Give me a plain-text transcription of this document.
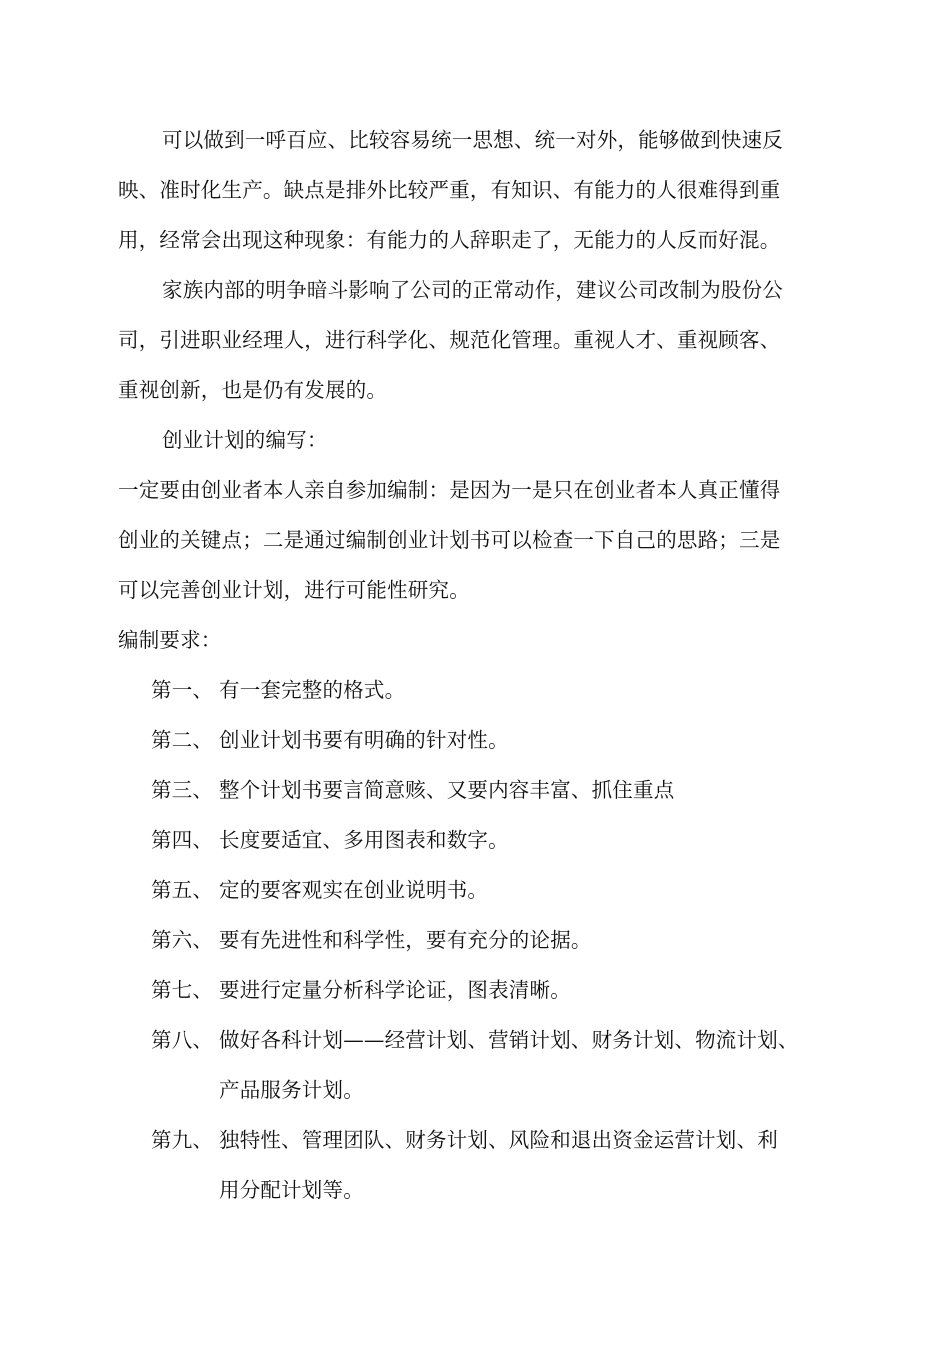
可以做到一呼百应、比较容易统一思想、统一对外，能够做到快速反
映、准时化生产。缺点是排外比较严重，有知识、有能力的人很难得到重
用，经常会出现这种现象：有能力的人辞职走了，无能力的人反而好混。
家族内部的明争暗斗影响了公司的正常动作，建议公司改制为股份公
司，引进职业经理人，进行科学化、规范化管理。重视人才、重视顾客、
重视创新，也是仍有发展的。
创业计划的编写：
一定要由创业者本人亲自参加编制：是因为一是只在创业者本人真正懂得
创业的关键点；二是通过编制创业计划书可以检查一下自己的思路；三是
可以完善创业计划，进行可能性研究。
编制要求：
第一、 有一套完整的格式。
第二、 创业计划书要有明确的针对性。
第三、 整个计划书要言简意赅、又要内容丰富、抓住重点
第四、 长度要适宜、多用图表和数字。
第五、 定的要客观实在创业说明书。
第六、 要有先进性和科学性，要有充分的论据。
第七、 要进行定量分析科学论证，图表清晰。
第八、 做好各科计划——经营计划、营销计划、财务计划、物流计划、
产品服务计划。
第九、 独特性、管理团队、财务计划、风险和退出资金运营计划、利
用分配计划等。
